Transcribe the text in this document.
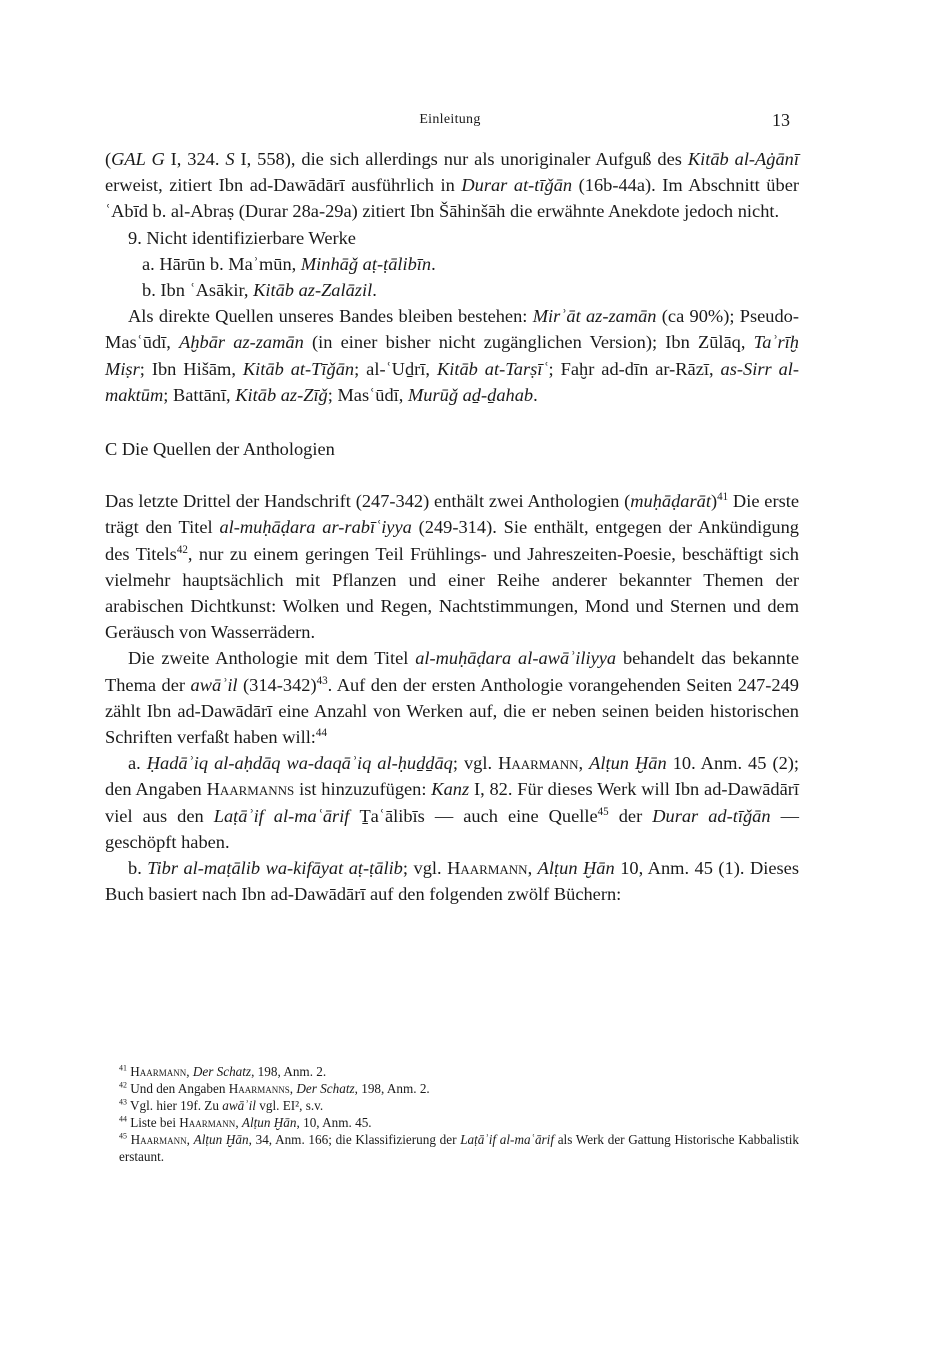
Einleitung	13

(GAL G I, 324. S I, 558), die sich allerdings nur als unoriginaler Aufguß des Kitāb al-Aġānī erweist, zitiert Ibn ad-Dawādārī ausführlich in Durar at-tīǧān (16b-44a). Im Abschnitt über ʿAbīd b. al-Abraṣ (Durar 28a-29a) zitiert Ibn Šāhinšāh die erwähnte Anekdote jedoch nicht.

9. Nicht identifizierbare Werke

a. Hārūn b. Maʾmūn, Minhāǧ aṭ-ṭālibīn.

b. Ibn ʿAsākir, Kitāb az-Zalāzil.

Als direkte Quellen unseres Bandes bleiben bestehen: Mirʾāt az-zamān (ca 90%); Pseudo-Masʿūdī, Aḫbār az-zamān (in einer bisher nicht zugänglichen Version); Ibn Zūlāq, Taʾrīḫ Miṣr; Ibn Hišām, Kitāb at-Tīǧān; al-ʿUḏrī, Kitāb at-Tarṣīʿ; Faḫr ad-dīn ar-Rāzī, as-Sirr al-maktūm; Battānī, Kitāb az-Zīǧ; Masʿūdī, Murūǧ aḏ-ḏahab.

C Die Quellen der Anthologien

Das letzte Drittel der Handschrift (247-342) enthält zwei Anthologien (muḥāḍarāt)$^{41}$ Die erste trägt den Titel al-muḥāḍara ar-rabīʿiyya (249-314). Sie enthält, entgegen der Ankündigung des Titels$^{42}$, nur zu einem geringen Teil Frühlings- und Jahreszeiten-Poesie, beschäftigt sich vielmehr hauptsächlich mit Pflanzen und einer Reihe anderer bekannter Themen der arabischen Dichtkunst: Wolken und Regen, Nachtstimmungen, Mond und Sternen und dem Geräusch von Wasserrädern.

Die zweite Anthologie mit dem Titel al-muḥāḍara al-awāʾiliyya behandelt das bekannte Thema der awāʾil $(314-342)^{43}$. Auf den der ersten Anthologie vorangehenden Seiten 247-249 zählt Ibn ad-Dawādārī eine Anzahl von Werken auf, die er neben seinen beiden historischen Schriften verfaßt haben will:$^{44}$

a. Ḥadāʾiq al-aḥdāq wa-daqāʾiq al-ḥuḏḏāq; vgl. Haarmann, Alṭun Ḫān 10. Anm. 45 (2); den Angaben Haarmanns ist hinzuzufügen: Kanz I, 82. Für dieses Werk will Ibn ad-Dawādārī viel aus den Laṭāʾif al-maʿārif Ṯaʿālibīs — auch eine Quelle$^{45}$ der Durar ad-tīǧān — geschöpft haben.

b. Tibr al-maṭālib wa-kifāyat aṭ-ṭālib; vgl. Haarmann, Alṭun Ḫān 10, Anm. 45 (1). Dieses Buch basiert nach Ibn ad-Dawādārī auf den folgenden zwölf Büchern:

$^{41}$ Haarmann, Der Schatz, 198, Anm. 2.

$^{42}$ Und den Angaben Haarmanns, Der Schatz, 198, Anm. 2.

$^{43}$ Vgl. hier 19f. Zu awāʾil vgl. EI², s.v.

$^{44}$ Liste bei Haarmann, Alṭun Ḫān, 10, Anm. 45.

$^{45}$ Haarmann, Alṭun Ḫān, 34, Anm. 166; die Klassifizierung der Laṭāʾif al-maʿārif als Werk der Gattung Historische Kabbalistik erstaunt.
